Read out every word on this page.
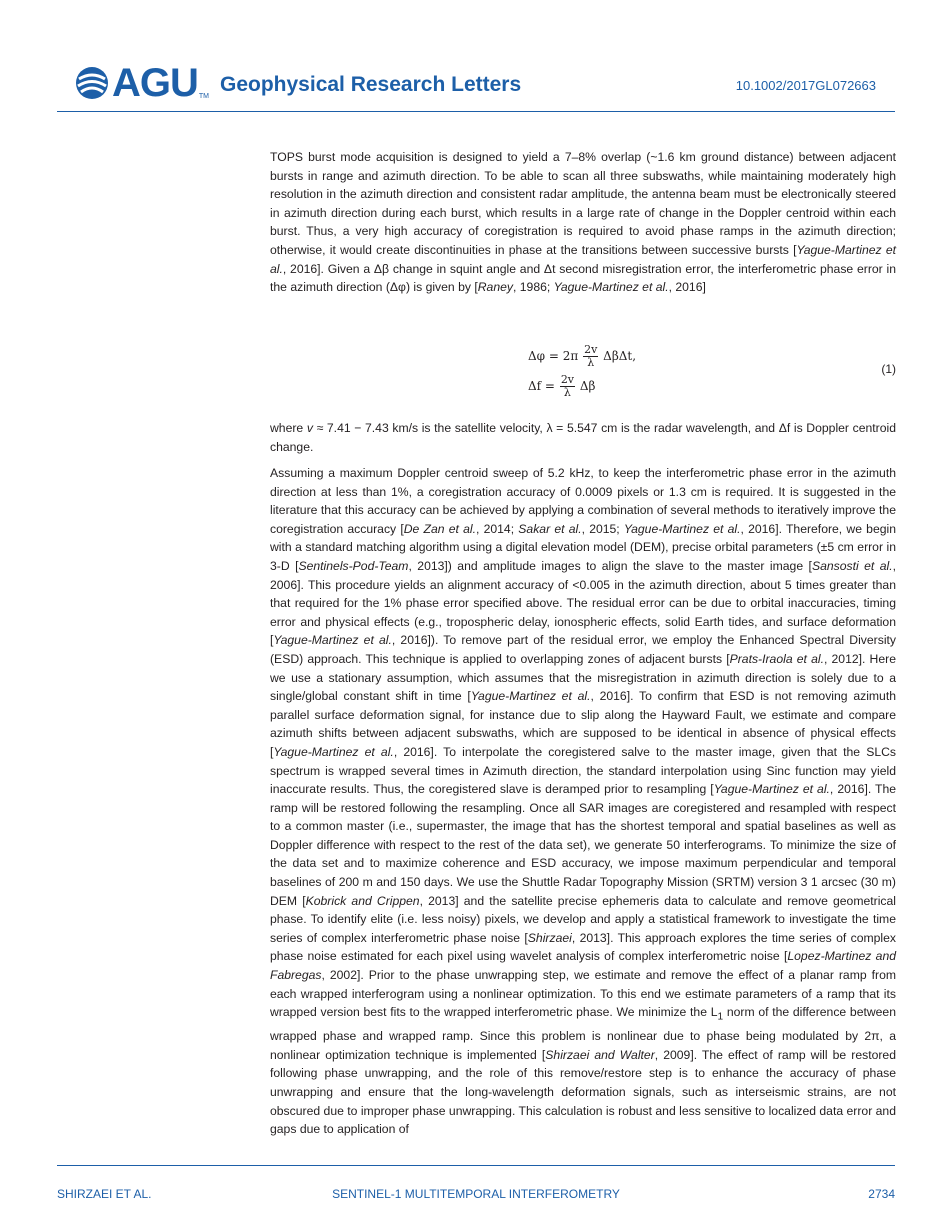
AGU TM
Geophysical Research Letters	10.1002/2017GL072663

TOPS burst mode acquisition is designed to yield a 7–8% overlap (~1.6 km ground distance) between adjacent bursts in range and azimuth direction. To be able to scan all three subswaths, while maintaining moderately high resolution in the azimuth direction and consistent radar amplitude, the antenna beam must be electronically steered in azimuth direction during each burst, which results in a large rate of change in the Doppler centroid within each burst. Thus, a very high accuracy of coregistration is required to avoid phase ramps in the azimuth direction; otherwise, it would create discontinuities in phase at the transitions between successive bursts [Yague-Martinez et al., 2016]. Given a Δβ change in squint angle and Δt second misregistration error, the interferometric phase error in the azimuth direction (Δφ) is given by [Raney, 1986; Yague-Martinez et al., 2016]

$\Delta\varphi = 2\pi \frac{2v}{\lambda} \Delta\beta\Delta t$,
$\Delta f = \frac{2v}{\lambda}$ Δβ
(1)

where v ≈ 7.41 − 7.43 km/s is the satellite velocity, λ = 5.547 cm is the radar wavelength, and Δf is Doppler centroid change.

Assuming a maximum Doppler centroid sweep of 5.2 kHz, to keep the interferometric phase error in the azimuth direction at less than 1%, a coregistration accuracy of 0.0009 pixels or 1.3 cm is required. It is suggested in the literature that this accuracy can be achieved by applying a combination of several methods to iteratively improve the coregistration accuracy [De Zan et al., 2014; Sakar et al., 2015; Yague-Martinez et al., 2016]. Therefore, we begin with a standard matching algorithm using a digital elevation model (DEM), precise orbital parameters (±5 cm error in 3-D [Sentinels-Pod-Team, 2013]) and amplitude images to align the slave to the master image [Sansosti et al., 2006]. This procedure yields an alignment accuracy of <0.005 in the azimuth direction, about 5 times greater than that required for the 1% phase error specified above. The residual error can be due to orbital inaccuracies, timing error and physical effects (e.g., tropospheric delay, ionospheric effects, solid Earth tides, and surface deformation [Yague-Martinez et al., 2016]). To remove part of the residual error, we employ the Enhanced Spectral Diversity (ESD) approach. This technique is applied to overlapping zones of adjacent bursts [Prats-Iraola et al., 2012]. Here we use a stationary assumption, which assumes that the misregistration in azimuth direction is solely due to a single/global constant shift in time [Yague-Martinez et al., 2016]. To confirm that ESD is not removing azimuth parallel surface deformation signal, for instance due to slip along the Hayward Fault, we estimate and compare azimuth shifts between adjacent subswaths, which are supposed to be identical in absence of physical effects [Yague-Martinez et al., 2016]. To interpolate the coregistered salve to the master image, given that the SLCs spectrum is wrapped several times in Azimuth direction, the standard interpolation using Sinc function may yield inaccurate results. Thus, the coregistered slave is deramped prior to resampling [Yague-Martinez et al., 2016]. The ramp will be restored following the resampling. Once all SAR images are coregistered and resampled with respect to a common master (i.e., supermaster, the image that has the shortest temporal and spatial baselines as well as Doppler difference with respect to the rest of the data set), we generate 50 interferograms. To minimize the size of the data set and to maximize coherence and ESD accuracy, we impose maximum perpendicular and temporal baselines of 200 m and 150 days. We use the Shuttle Radar Topography Mission (SRTM) version 3 1 arcsec (30 m) DEM [Kobrick and Crippen, 2013] and the satellite precise ephemeris data to calculate and remove geometrical phase. To identify elite (i.e. less noisy) pixels, we develop and apply a statistical framework to investigate the time series of complex interferometric phase noise [Shirzaei, 2013]. This approach explores the time series of complex phase noise estimated for each pixel using wavelet analysis of complex interferometric noise [Lopez-Martinez and Fabregas, 2002]. Prior to the phase unwrapping step, we estimate and remove the effect of a planar ramp from each wrapped interferogram using a nonlinear optimization. To this end we estimate parameters of a ramp that its wrapped version best fits to the wrapped interferometric phase. We minimize the $L_1$ norm of the difference between wrapped phase and wrapped ramp. Since this problem is nonlinear due to phase being modulated by 2π, a nonlinear optimization technique is implemented [Shirzaei and Walter, 2009]. The effect of ramp will be restored following phase unwrapping, and the role of this remove/restore step is to enhance the accuracy of phase unwrapping and ensure that the long-wavelength deformation signals, such as interseismic strains, are not obscured due to improper phase unwrapping. This calculation is robust and less sensitive to localized data error and gaps due to application of

SHIRZAEI ET AL.	SENTINEL-1 MULTITEMPORAL INTERFEROMETRY	2734
